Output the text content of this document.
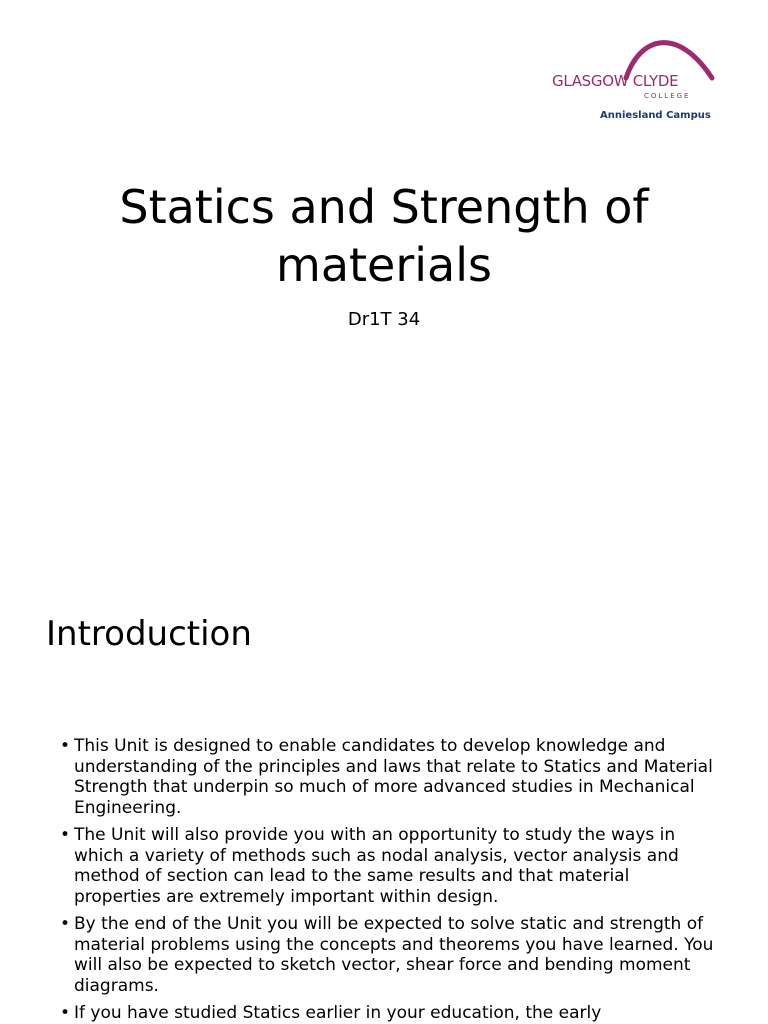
GLASGOW CLYDE
COLLEGE
Anniesland Campus
Statics and Strength of materials
Dr1T 34
Introduction
• This Unit is designed to enable candidates to develop knowledge and understanding of the principles and laws that relate to Statics and Material Strength that underpin so much of more advanced studies in Mechanical Engineering.
• The Unit will also provide you with an opportunity to study the ways in which a variety of methods such as nodal analysis, vector analysis and method of section can lead to the same results and that material properties are extremely important within design.
• By the end of the Unit you will be expected to solve static and strength of material problems using the concepts and theorems you have learned. You will also be expected to sketch vector, shear force and bending moment diagrams.
• If you have studied Statics earlier in your education, the early
